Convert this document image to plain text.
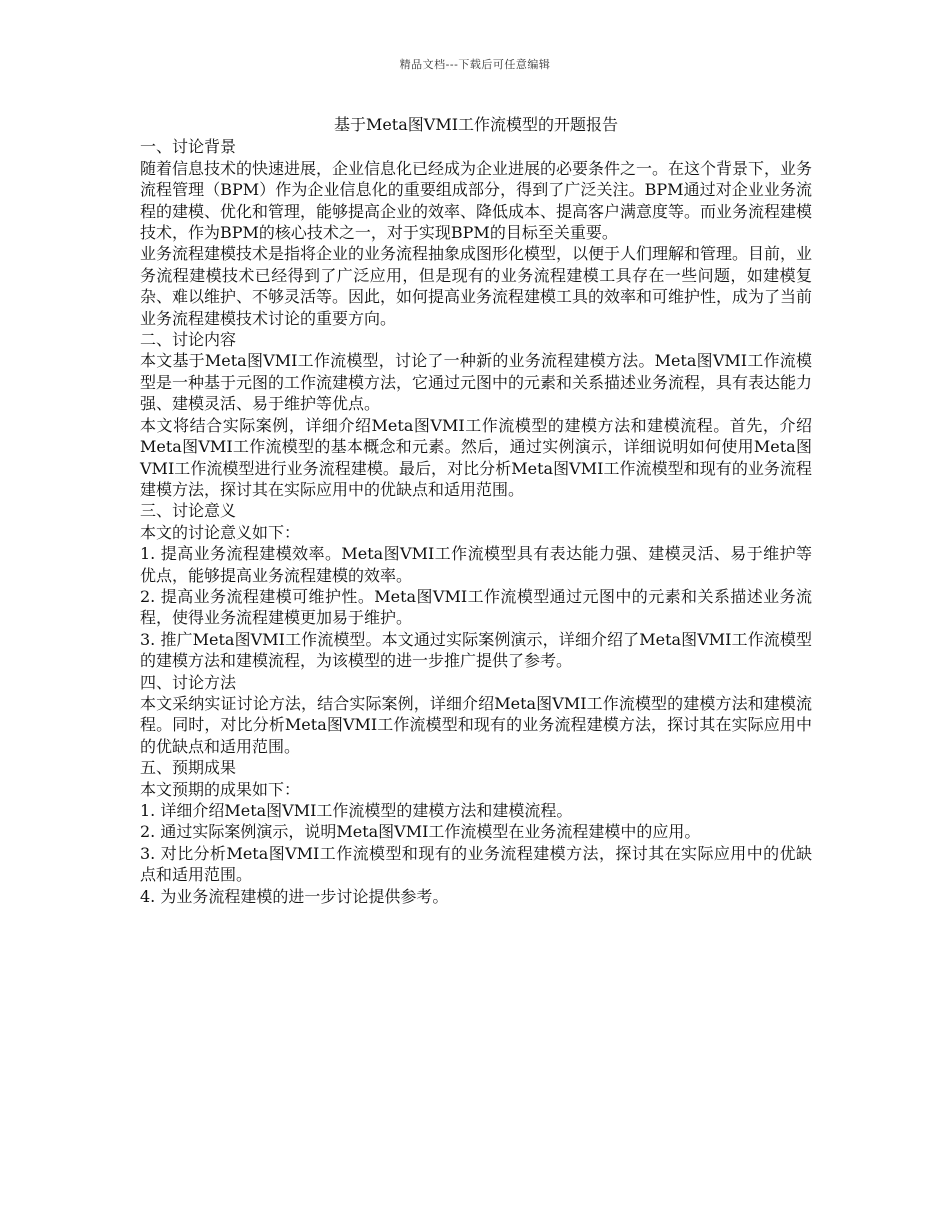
精品文档---下载后可任意编辑
基于Meta图VMI工作流模型的开题报告
一、讨论背景

随着信息技术的快速进展，企业信息化已经成为企业进展的必要条件之一。在这个背景下，业务流程管理（BPM）作为企业信息化的重要组成部分，得到了广泛关注。BPM通过对企业业务流程的建模、优化和管理，能够提高企业的效率、降低成本、提高客户满意度等。而业务流程建模技术，作为BPM的核心技术之一，对于实现BPM的目标至关重要。

业务流程建模技术是指将企业的业务流程抽象成图形化模型，以便于人们理解和管理。目前，业务流程建模技术已经得到了广泛应用，但是现有的业务流程建模工具存在一些问题，如建模复杂、难以维护、不够灵活等。因此，如何提高业务流程建模工具的效率和可维护性，成为了当前业务流程建模技术讨论的重要方向。

二、讨论内容

本文基于Meta图VMI工作流模型，讨论了一种新的业务流程建模方法。Meta图VMI工作流模型是一种基于元图的工作流建模方法，它通过元图中的元素和关系描述业务流程，具有表达能力强、建模灵活、易于维护等优点。

本文将结合实际案例，详细介绍Meta图VMI工作流模型的建模方法和建模流程。首先，介绍Meta图VMI工作流模型的基本概念和元素。然后，通过实例演示，详细说明如何使用Meta图VMI工作流模型进行业务流程建模。最后，对比分析Meta图VMI工作流模型和现有的业务流程建模方法，探讨其在实际应用中的优缺点和适用范围。

三、讨论意义

本文的讨论意义如下：

1. 提高业务流程建模效率。Meta图VMI工作流模型具有表达能力强、建模灵活、易于维护等优点，能够提高业务流程建模的效率。

2. 提高业务流程建模可维护性。Meta图VMI工作流模型通过元图中的元素和关系描述业务流程，使得业务流程建模更加易于维护。

3. 推广Meta图VMI工作流模型。本文通过实际案例演示，详细介绍了Meta图VMI工作流模型的建模方法和建模流程，为该模型的进一步推广提供了参考。

四、讨论方法

本文采纳实证讨论方法，结合实际案例，详细介绍Meta图VMI工作流模型的建模方法和建模流程。同时，对比分析Meta图VMI工作流模型和现有的业务流程建模方法，探讨其在实际应用中的优缺点和适用范围。

五、预期成果

本文预期的成果如下：

1. 详细介绍Meta图VMI工作流模型的建模方法和建模流程。

2. 通过实际案例演示，说明Meta图VMI工作流模型在业务流程建模中的应用。

3. 对比分析Meta图VMI工作流模型和现有的业务流程建模方法，探讨其在实际应用中的优缺点和适用范围。

4. 为业务流程建模的进一步讨论提供参考。
